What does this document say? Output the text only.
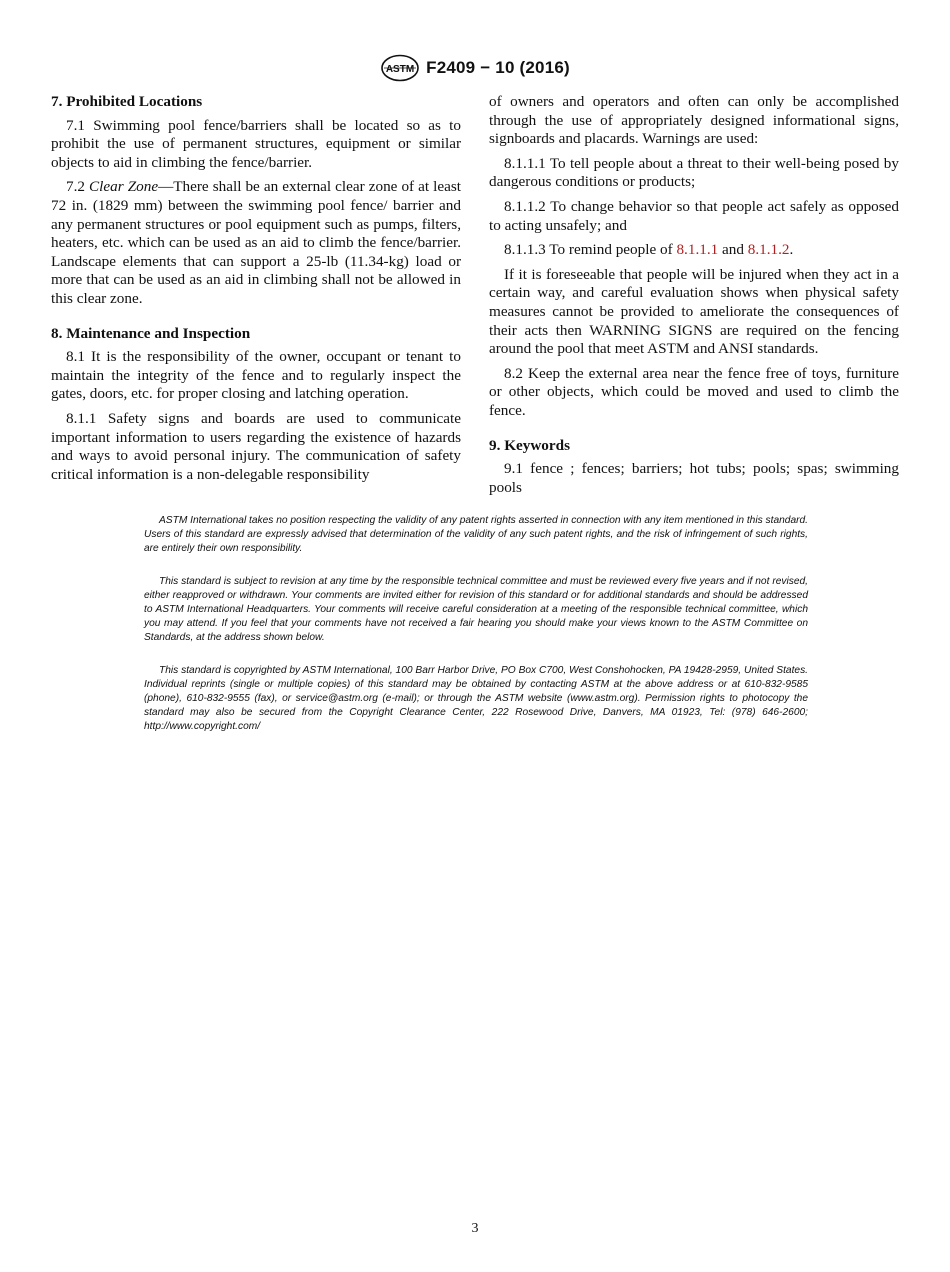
ASTM F2409 − 10 (2016)
7. Prohibited Locations

7.1 Swimming pool fence/barriers shall be located so as to prohibit the use of permanent structures, equipment or similar objects to aid in climbing the fence/barrier.

7.2 Clear Zone—There shall be an external clear zone of at least 72 in. (1829 mm) between the swimming pool fence/ barrier and any permanent structures or pool equipment such as pumps, filters, heaters, etc. which can be used as an aid to climb the fence/barrier. Landscape elements that can support a 25-lb (11.34-kg) load or more that can be used as an aid in climbing shall not be allowed in this clear zone.

8. Maintenance and Inspection

8.1 It is the responsibility of the owner, occupant or tenant to maintain the integrity of the fence and to regularly inspect the gates, doors, etc. for proper closing and latching operation.

8.1.1 Safety signs and boards are used to communicate important information to users regarding the existence of hazards and ways to avoid personal injury. The communication of safety critical information is a non-delegable responsibility

of owners and operators and often can only be accomplished through the use of appropriately designed informational signs, signboards and placards. Warnings are used:

8.1.1.1 To tell people about a threat to their well-being posed by dangerous conditions or products;

8.1.1.2 To change behavior so that people act safely as opposed to acting unsafely; and

8.1.1.3 To remind people of 8.1.1.1 and 8.1.1.2.

If it is foreseeable that people will be injured when they act in a certain way, and careful evaluation shows when physical safety measures cannot be provided to ameliorate the consequences of their acts then WARNING SIGNS are required on the fencing around the pool that meet ASTM and ANSI standards.

8.2 Keep the external area near the fence free of toys, furniture or other objects, which could be moved and used to climb the fence.

9. Keywords

9.1 fence ; fences; barriers; hot tubs; pools; spas; swimming pools

ASTM International takes no position respecting the validity of any patent rights asserted in connection with any item mentioned in this standard. Users of this standard are expressly advised that determination of the validity of any such patent rights, and the risk of infringement of such rights, are entirely their own responsibility.

This standard is subject to revision at any time by the responsible technical committee and must be reviewed every five years and if not revised, either reapproved or withdrawn. Your comments are invited either for revision of this standard or for additional standards and should be addressed to ASTM International Headquarters. Your comments will receive careful consideration at a meeting of the responsible technical committee, which you may attend. If you feel that your comments have not received a fair hearing you should make your views known to the ASTM Committee on Standards, at the address shown below.

This standard is copyrighted by ASTM International, 100 Barr Harbor Drive, PO Box C700, West Conshohocken, PA 19428-2959, United States. Individual reprints (single or multiple copies) of this standard may be obtained by contacting ASTM at the above address or at 610-832-9585 (phone), 610-832-9555 (fax), or service@astm.org (e-mail); or through the ASTM website (www.astm.org). Permission rights to photocopy the standard may also be secured from the Copyright Clearance Center, 222 Rosewood Drive, Danvers, MA 01923, Tel: (978) 646-2600; http://www.copyright.com/

3
